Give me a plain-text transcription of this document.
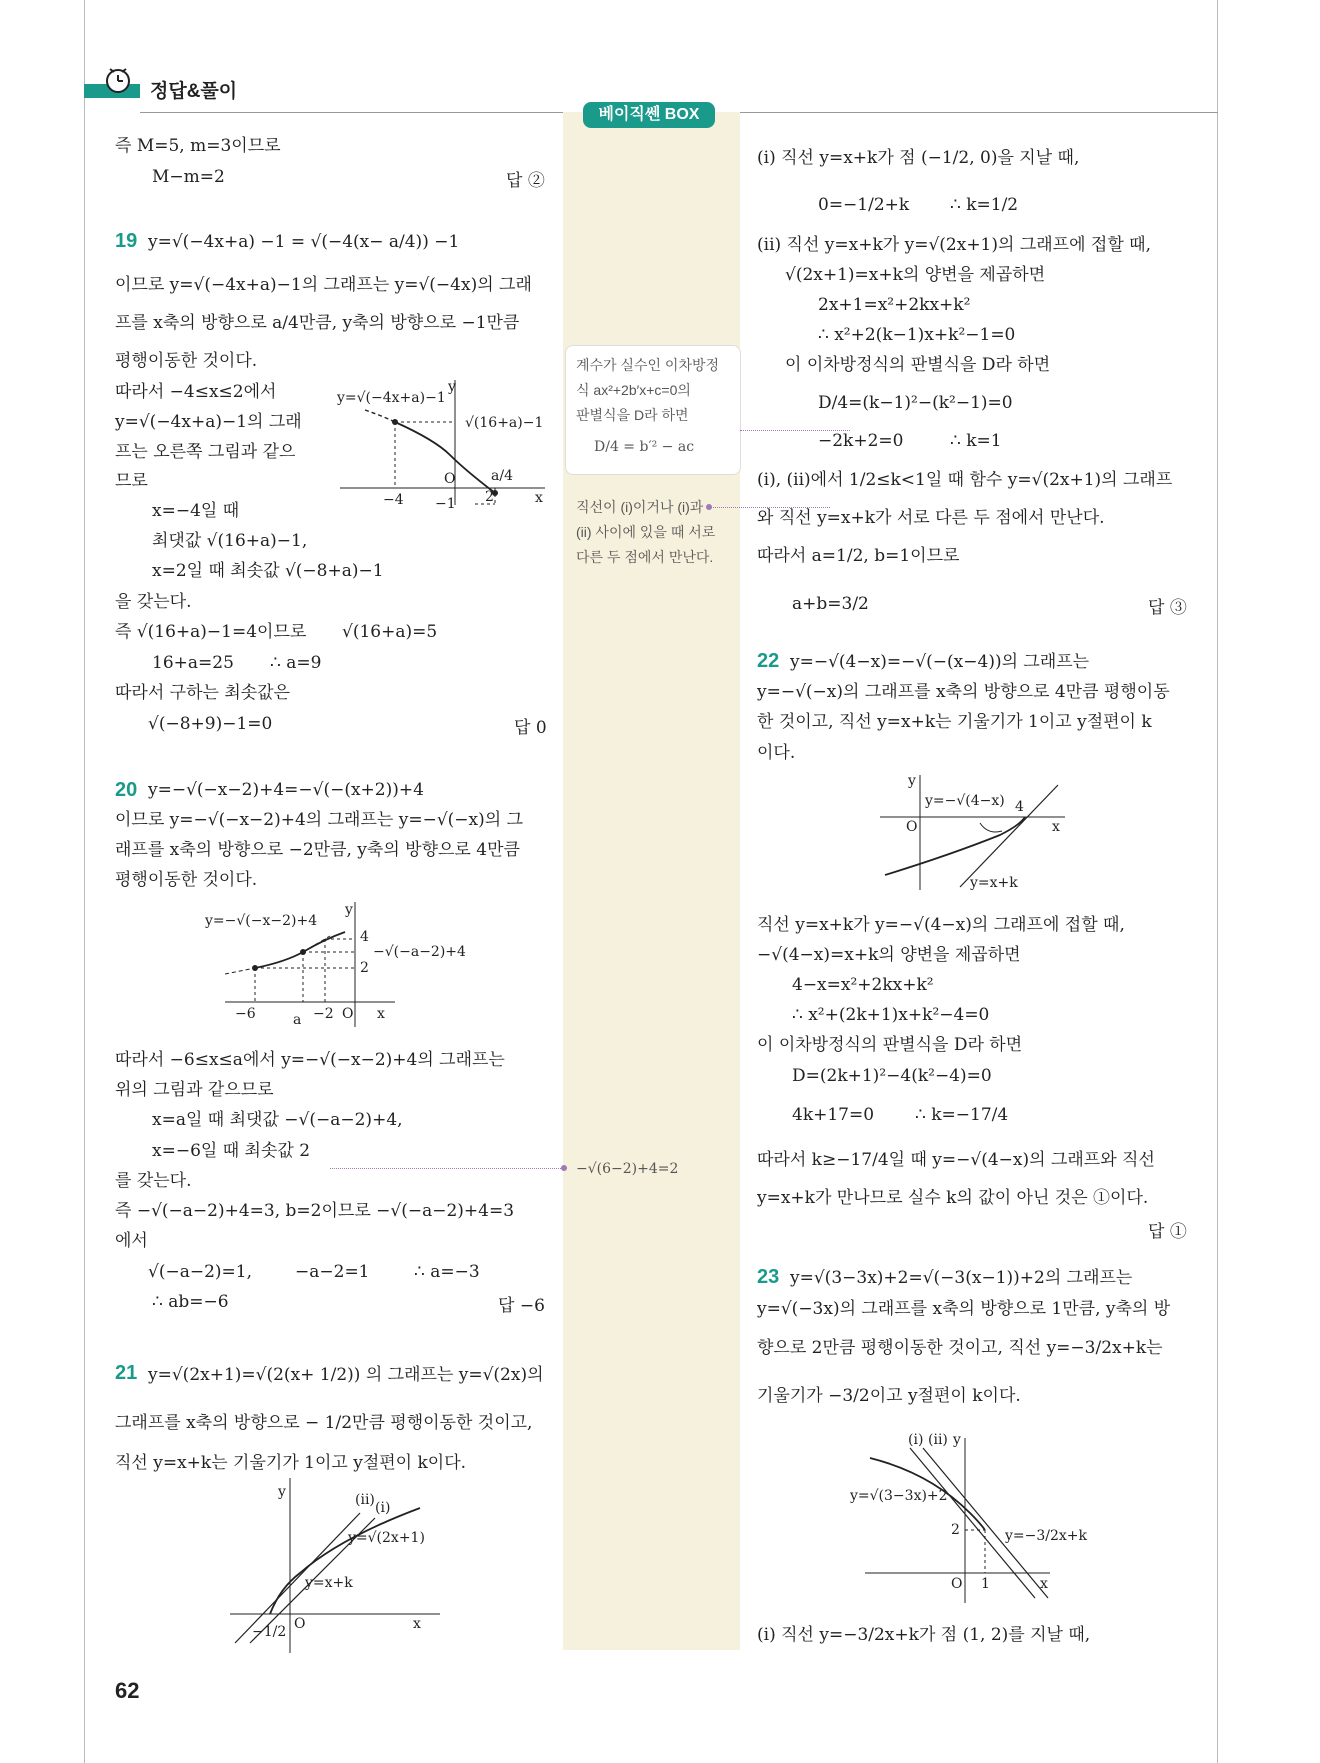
정답&풀이
베이직쎈 BOX
계수가 실수인 이차방정
식 ax²+2b′x+c=0의
판별식을 D라 하면
D/4 = b′² − ac
직선이 (i)이거나 (i)과
(ii) 사이에 있을 때 서로
다른 두 점에서 만난다.
−√(6−2)+4=2
즉 M=5, m=3이므로
M−m=2	답 ②
19 y=√(−4x+a) −1 = √(−4(x− a/4)) −1
이므로 y=√(−4x+a)−1의 그래프는 y=√(−4x)의 그래
프를 x축의 방향으로 a/4만큼, y축의 방향으로 −1만큼
평행이동한 것이다.
따라서 −4≤x≤2에서
y=√(−4x+a)−1의 그래
프는 오른쪽 그림과 같으
므로
x=−4일 때
최댓값 √(16+a)−1,
x=2일 때 최솟값 √(−8+a)−1
을 갖는다.
즉 √(16+a)−1=4이므로 √(16+a)=5
16+a=25 ∴ a=9
따라서 구하는 최솟값은
√(−8+9)−1=0	답 0
y=√(−4x+a)−1
√(16+a)−1
−4	2
−1
a/4
O
x
y
20 y=−√(−x−2)+4=−√(−(x+2))+4
이므로 y=−√(−x−2)+4의 그래프는 y=−√(−x)의 그
래프를 x축의 방향으로 −2만큼, y축의 방향으로 4만큼
평행이동한 것이다.
y=−√(−x−2)+4
−√(−a−2)+4
4
2
−6	a −2 O x
y
따라서 −6≤x≤a에서 y=−√(−x−2)+4의 그래프는
위의 그림과 같으므로
x=a일 때 최댓값 −√(−a−2)+4,
x=−6일 때 최솟값 2
를 갖는다.
즉 −√(−a−2)+4=3, b=2이므로 −√(−a−2)+4=3
에서
√(−a−2)=1,	−a−2=1	∴ a=−3
∴ ab=−6	답 −6
21 y=√(2x+1)=√(2(x+ 1/2)) 의 그래프는 y=√(2x)의
그래프를 x축의 방향으로 − 1/2만큼 평행이동한 것이고,
직선 y=x+k는 기울기가 1이고 y절편이 k이다.
(ii) (i)
y=√(2x+1)
y=x+k
−1/2 O	x
y
62
(i) 직선 y=x+k가 점 (−1/2, 0)을 지날 때,
0=−1/2+k ∴ k=1/2
(ii) 직선 y=x+k가 y=√(2x+1)의 그래프에 접할 때,
√(2x+1)=x+k의 양변을 제곱하면
2x+1=x²+2kx+k²
∴ x²+2(k−1)x+k²−1=0
이 이차방정식의 판별식을 D라 하면
D/4=(k−1)²−(k²−1)=0
−2k+2=0	∴ k=1
(i), (ii)에서 1/2≤k<1일 때 함수 y=√(2x+1)의 그래프
와 직선 y=x+k가 서로 다른 두 점에서 만난다.
따라서 a=1/2, b=1이므로
a+b=3/2	답 ③
22 y=−√(4−x)=−√(−(x−4))의 그래프는
y=−√(−x)의 그래프를 x축의 방향으로 4만큼 평행이동
한 것이고, 직선 y=x+k는 기울기가 1이고 y절편이 k
이다.
y=−√(4−x) 4
y=x+k
O	x
y
직선 y=x+k가 y=−√(4−x)의 그래프에 접할 때,
−√(4−x)=x+k의 양변을 제곱하면
4−x=x²+2kx+k²
∴ x²+(2k+1)x+k²−4=0
이 이차방정식의 판별식을 D라 하면
D=(2k+1)²−4(k²−4)=0
4k+17=0 ∴ k=−17/4
따라서 k≥−17/4일 때 y=−√(4−x)의 그래프와 직선
y=x+k가 만나므로 실수 k의 값이 아닌 것은 ①이다.
답 ①
23 y=√(3−3x)+2=√(−3(x−1))+2의 그래프는
y=√(−3x)의 그래프를 x축의 방향으로 1만큼, y축의 방
향으로 2만큼 평행이동한 것이고, 직선 y=−3/2x+k는
기울기가 −3/2이고 y절편이 k이다.
(i) (ii)
y=√(3−3x)+2
2	y=−3/2x+k
O 1	x
y
(i) 직선 y=−3/2x+k가 점 (1, 2)를 지날 때,
